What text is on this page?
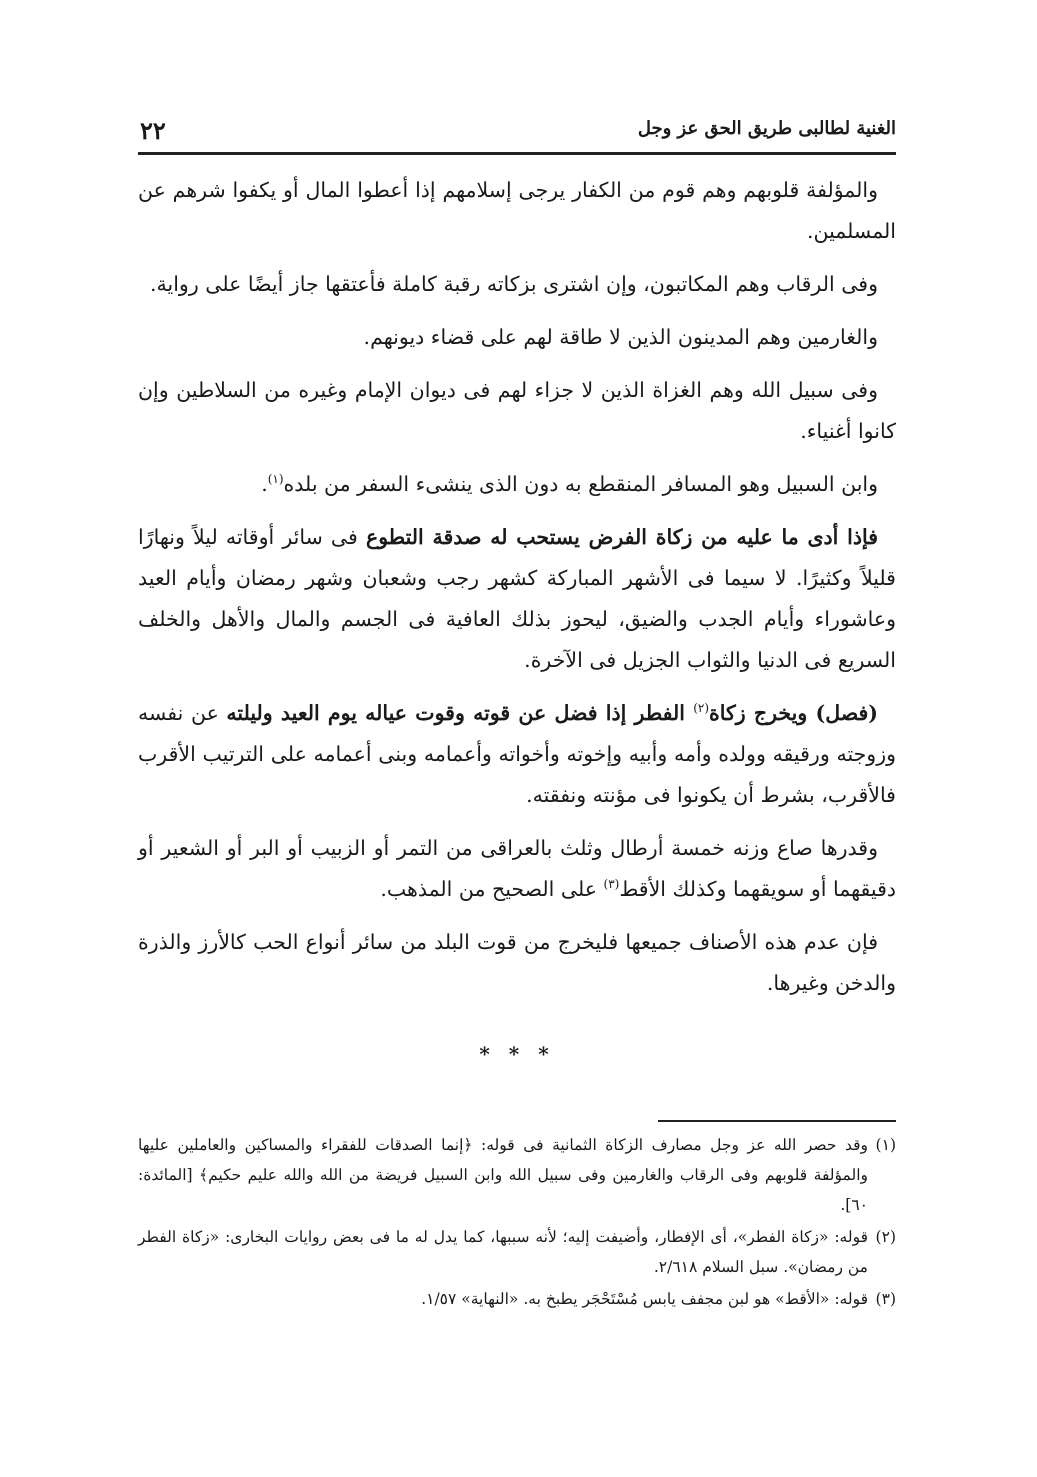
الغنية لطالبى طريق الحق عز وجل
٢٢

والمؤلفة قلوبهم وهم قوم من الكفار يرجى إسلامهم إذا أعطوا المال أو يكفوا شرهم عن المسلمين.

وفى الرقاب وهم المكاتبون، وإن اشترى بزكاته رقبة كاملة فأعتقها جاز أيضًا على رواية.

والغارمين وهم المدينون الذين لا طاقة لهم على قضاء ديونهم.

وفى سبيل الله وهم الغزاة الذين لا جزاء لهم فى ديوان الإمام وغيره من السلاطين وإن كانوا أغنياء.

وابن السبيل وهو المسافر المنقطع به دون الذى ينشىء السفر من بلده$^{(١)}$.

فإذا أدى ما عليه من زكاة الفرض يستحب له صدقة التطوع فى سائر أوقاته ليلاً ونهارًا قليلاً وكثيرًا. لا سيما فى الأشهر المباركة كشهر رجب وشعبان وشهر رمضان وأيام العيد وعاشوراء وأيام الجدب والضيق، ليحوز بذلك العافية فى الجسم والمال والأهل والخلف السريع فى الدنيا والثواب الجزيل فى الآخرة.

(فصل) ويخرج زكاة$^{(٢)}$ الفطر إذا فضل عن قوته وقوت عياله يوم العيد وليلته عن نفسه وزوجته ورقيقه وولده وأمه وأبيه وإخوته وأخواته وأعمامه وبنى أعمامه على الترتيب الأقرب فالأقرب، بشرط أن يكونوا فى مؤنته ونفقته.

وقدرها صاع وزنه خمسة أرطال وثلث بالعراقى من التمر أو الزبيب أو البر أو الشعير أو دقيقهما أو سويقهما وكذلك الأقط$^{(٣)}$ على الصحيح من المذهب.

فإن عدم هذه الأصناف جميعها فليخرج من قوت البلد من سائر أنواع الحب كالأرز والذرة والدخن وغيرها.

* * *

(١)وقد حصر الله عز وجل مصارف الزكاة الثمانية فى قوله: ﴿إنما الصدقات للفقراء والمساكين والعاملين عليها والمؤلفة قلوبهم وفى الرقاب والغارمين وفى سبيل الله وابن السبيل فريضة من الله والله عليم حكيم﴾ [المائدة: ٦٠].

(٢)قوله: «زكاة الفطر»، أى الإفطار، وأضيفت إليه؛ لأنه سببها، كما يدل له ما فى بعض روايات البخارى: «زكاة الفطر من رمضان». سبل السلام ٢/٦١٨.

(٣)قوله: «الأقط» هو لبن مجفف يابس مُسْتَحْجَر يطبخ به. «النهاية» ١/٥٧.
